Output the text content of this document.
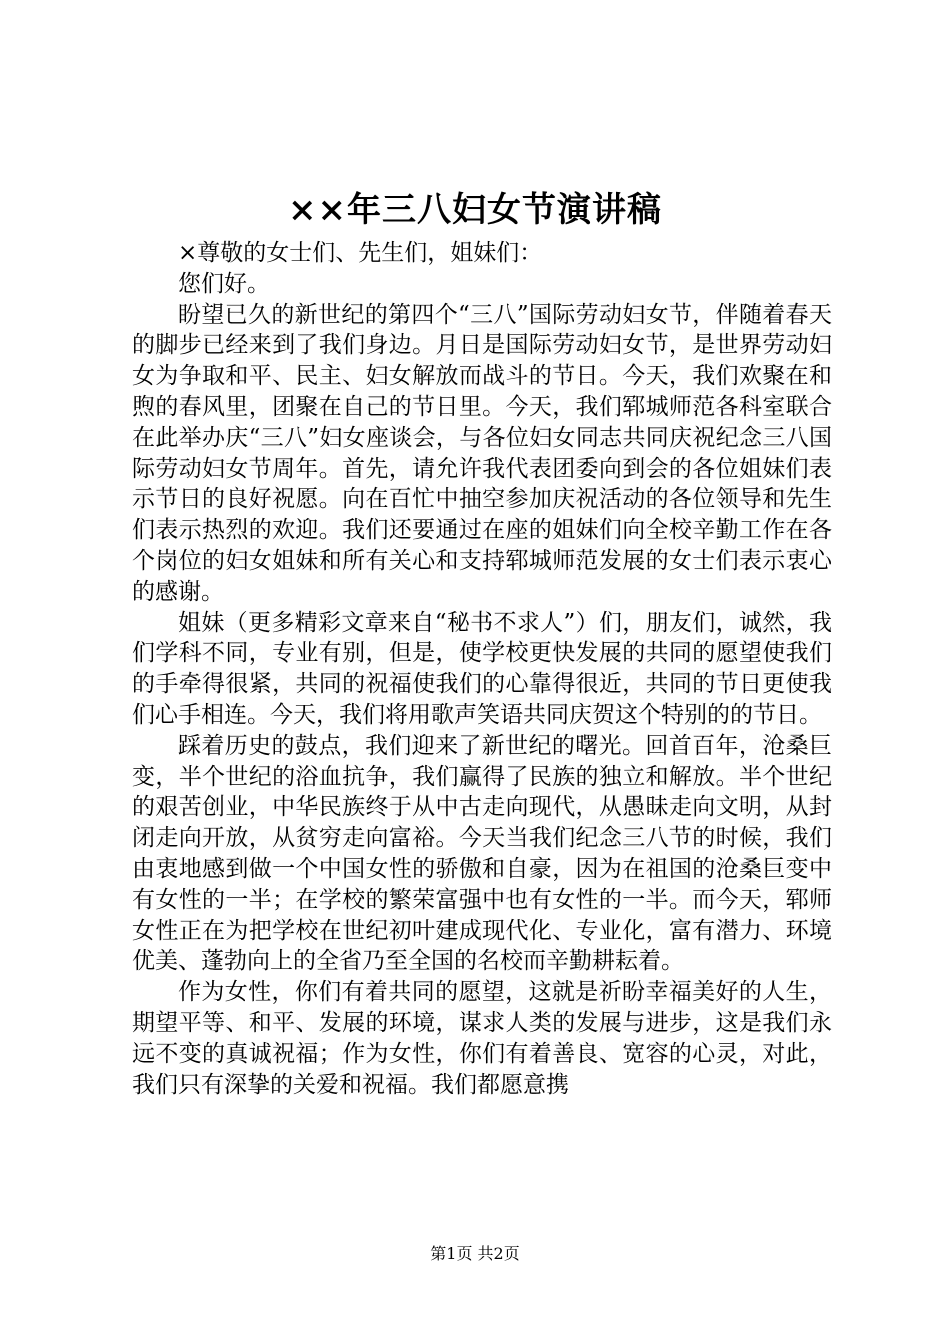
××年三八妇女节演讲稿

×尊敬的女士们、先生们，姐妹们：

您们好。

盼望已久的新世纪的第四个“三八”国际劳动妇女节，伴随着春天的脚步已经来到了我们身边。月日是国际劳动妇女节，是世界劳动妇女为争取和平、民主、妇女解放而战斗的节日。今天，我们欢聚在和煦的春风里，团聚在自己的节日里。今天，我们郓城师范各科室联合在此举办庆“三八”妇女座谈会，与各位妇女同志共同庆祝纪念三八国际劳动妇女节周年。首先，请允许我代表团委向到会的各位姐妹们表示节日的良好祝愿。向在百忙中抽空参加庆祝活动的各位领导和先生们表示热烈的欢迎。我们还要通过在座的姐妹们向全校辛勤工作在各个岗位的妇女姐妹和所有关心和支持郓城师范发展的女士们表示衷心的感谢。

姐妹（更多精彩文章来自“秘书不求人”）们，朋友们，诚然，我们学科不同，专业有别，但是，使学校更快发展的共同的愿望使我们的手牵得很紧，共同的祝福使我们的心靠得很近，共同的节日更使我们心手相连。今天，我们将用歌声笑语共同庆贺这个特别的的节日。

踩着历史的鼓点，我们迎来了新世纪的曙光。回首百年，沧桑巨变，半个世纪的浴血抗争，我们赢得了民族的独立和解放。半个世纪的艰苦创业，中华民族终于从中古走向现代，从愚昧走向文明，从封闭走向开放，从贫穷走向富裕。今天当我们纪念三八节的时候，我们由衷地感到做一个中国女性的骄傲和自豪，因为在祖国的沧桑巨变中有女性的一半；在学校的繁荣富强中也有女性的一半。而今天，郓师女性正在为把学校在世纪初叶建成现代化、专业化，富有潜力、环境优美、蓬勃向上的全省乃至全国的名校而辛勤耕耘着。

作为女性，你们有着共同的愿望，这就是祈盼幸福美好的人生，期望平等、和平、发展的环境，谋求人类的发展与进步，这是我们永远不变的真诚祝福；作为女性，你们有着善良、宽容的心灵，对此，我们只有深挚的关爱和祝福。我们都愿意携

第1页 共2页
